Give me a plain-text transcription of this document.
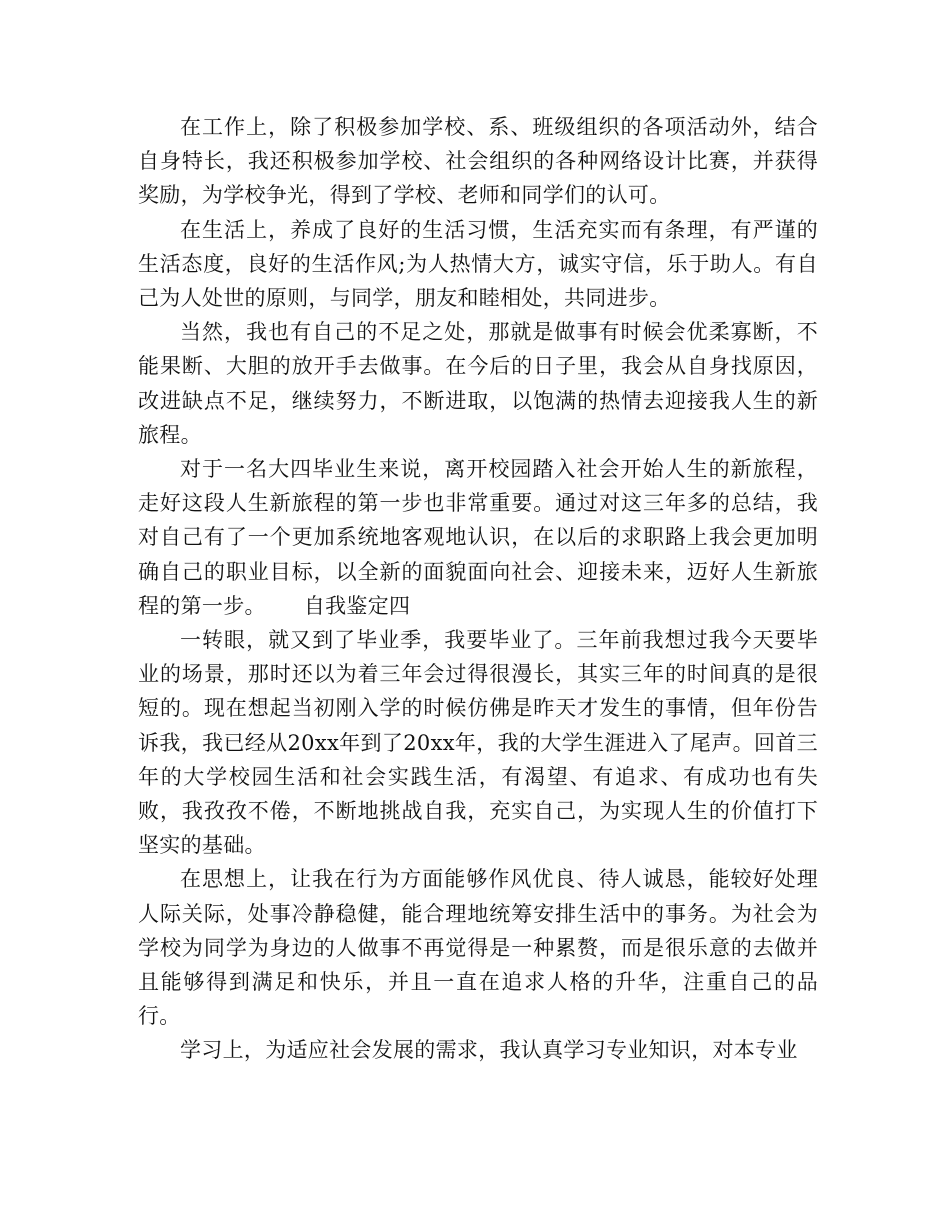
在工作上，除了积极参加学校、系、班级组织的各项活动外，结合自身特长，我还积极参加学校、社会组织的各种网络设计比赛，并获得奖励，为学校争光，得到了学校、老师和同学们的认可。

在生活上，养成了良好的生活习惯，生活充实而有条理，有严谨的生活态度，良好的生活作风;为人热情大方，诚实守信，乐于助人。有自己为人处世的原则，与同学，朋友和睦相处，共同进步。

当然，我也有自己的不足之处，那就是做事有时候会优柔寡断，不能果断、大胆的放开手去做事。在今后的日子里，我会从自身找原因，改进缺点不足，继续努力，不断进取，以饱满的热情去迎接我人生的新旅程。

对于一名大四毕业生来说，离开校园踏入社会开始人生的新旅程，走好这段人生新旅程的第一步也非常重要。通过对这三年多的总结，我对自己有了一个更加系统地客观地认识，在以后的求职路上我会更加明确自己的职业目标，以全新的面貌面向社会、迎接未来，迈好人生新旅程的第一步。 自我鉴定四

一转眼，就又到了毕业季，我要毕业了。三年前我想过我今天要毕业的场景，那时还以为着三年会过得很漫长，其实三年的时间真的是很短的。现在想起当初刚入学的时候仿佛是昨天才发生的事情，但年份告诉我，我已经从20xx年到了20xx年，我的大学生涯进入了尾声。回首三年的大学校园生活和社会实践生活，有渴望、有追求、有成功也有失败，我孜孜不倦，不断地挑战自我，充实自己，为实现人生的价值打下坚实的基础。

在思想上，让我在行为方面能够作风优良、待人诚恳，能较好处理人际关际，处事冷静稳健，能合理地统筹安排生活中的事务。为社会为学校为同学为身边的人做事不再觉得是一种累赘，而是很乐意的去做并且能够得到满足和快乐，并且一直在追求人格的升华，注重自己的品行。

学习上，为适应社会发展的需求，我认真学习专业知识，对本专业
